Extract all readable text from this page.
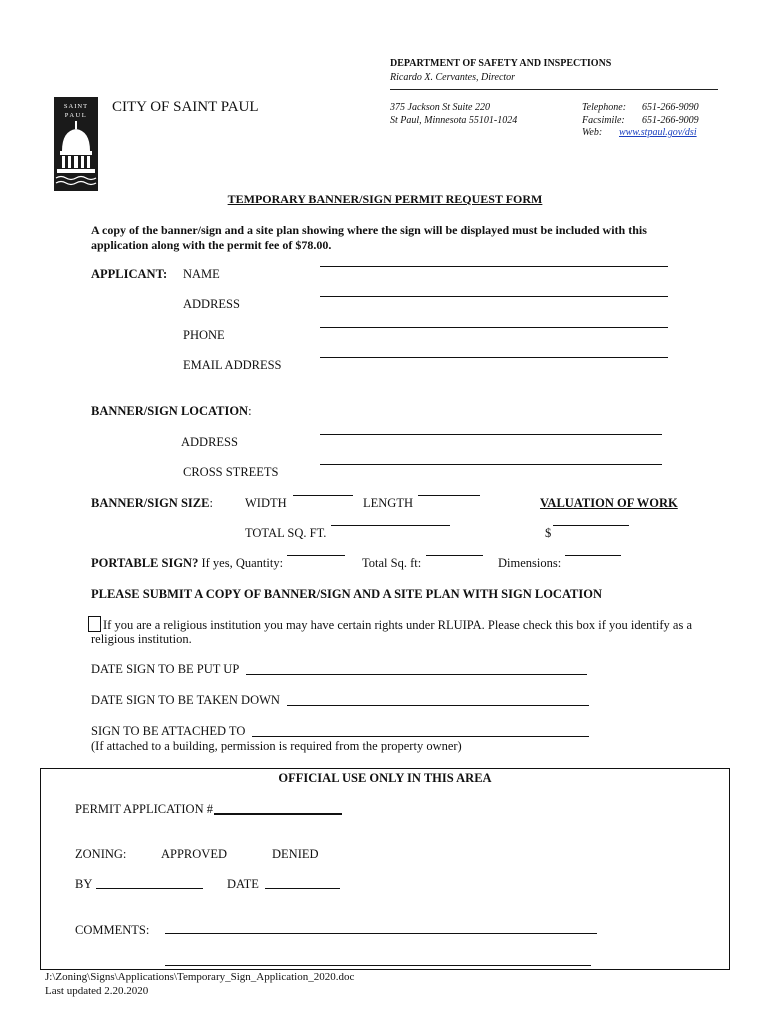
DEPARTMENT OF SAFETY AND INSPECTIONS
Ricardo X. Cervantes, Director
SAINT
PAUL
CITY OF SAINT PAUL	375 Jackson St Suite 220
St Paul, Minnesota 55101-1024
Telephone: 651-266-9090
Facsimile: 651-266-9009
Web: www.stpaul.gov/dsi
TEMPORARY BANNER/SIGN PERMIT REQUEST FORM
A copy of the banner/sign and a site plan showing where the sign will be displayed must be included with this application along with the permit fee of $78.00.
APPLICANT: NAME
ADDRESS
PHONE
EMAIL ADDRESS
BANNER/SIGN LOCATION:
ADDRESS
CROSS STREETS
BANNER/SIGN SIZE:	WIDTH	LENGTH	VALUATION OF WORK
TOTAL SQ. FT.	$
PORTABLE SIGN? If yes, Quantity:	Total Sq. ft:	Dimensions:
PLEASE SUBMIT A COPY OF BANNER/SIGN AND A SITE PLAN WITH SIGN LOCATION
If you are a religious institution you may have certain rights under RLUIPA. Please check this box if you identify as a
religious institution.
DATE SIGN TO BE PUT UP
DATE SIGN TO BE TAKEN DOWN
SIGN TO BE ATTACHED TO
(If attached to a building, permission is required from the property owner)
OFFICIAL USE ONLY IN THIS AREA
PERMIT APPLICATION #
ZONING:	APPROVED	DENIED
BY	DATE
COMMENTS:
J:\Zoning\Signs\Applications\Temporary_Sign_Application_2020.doc
Last updated 2.20.2020
